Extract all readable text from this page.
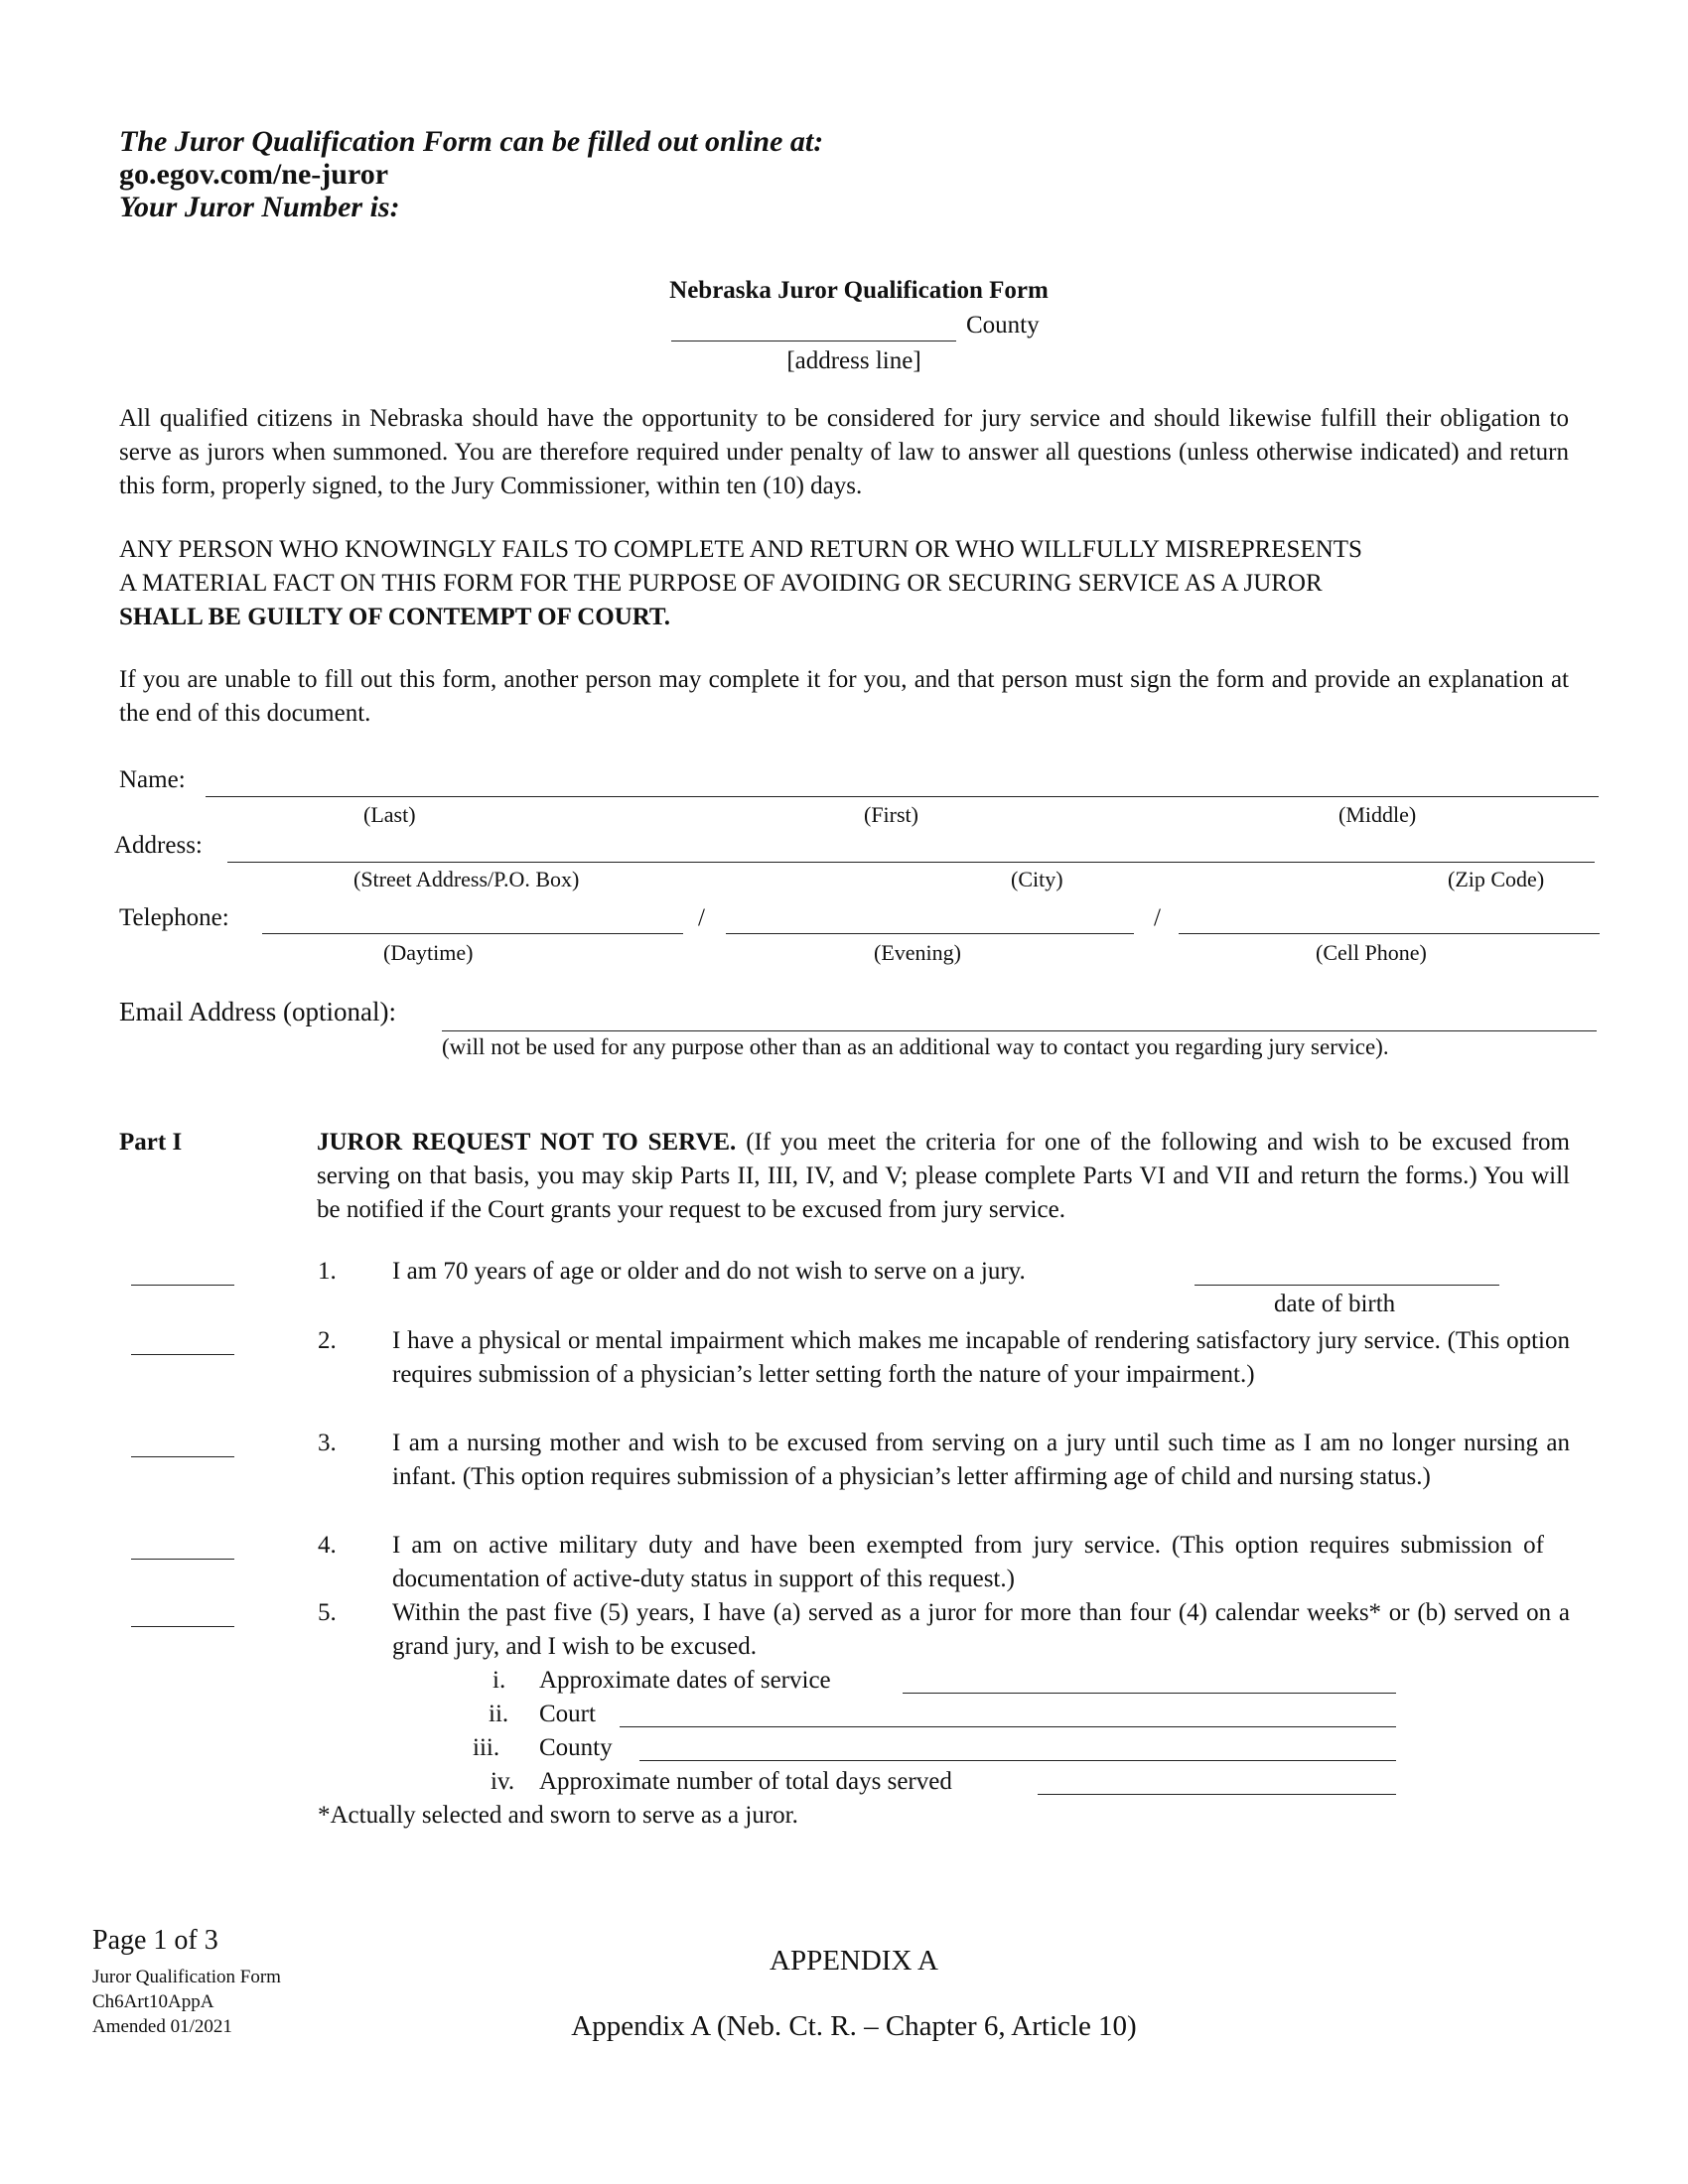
The Juror Qualification Form can be filled out online at:
go.egov.com/ne-juror
Your Juror Number is:
Nebraska Juror Qualification Form
County
[address line]
All qualified citizens in Nebraska should have the opportunity to be considered for jury service and should likewise fulfill their obligation to serve as jurors when summoned. You are therefore required under penalty of law to answer all questions (unless otherwise indicated) and return this form, properly signed, to the Jury Commissioner, within ten (10) days.
ANY PERSON WHO KNOWINGLY FAILS TO COMPLETE AND RETURN OR WHO WILLFULLY MISREPRESENTS
A MATERIAL FACT ON THIS FORM FOR THE PURPOSE OF AVOIDING OR SECURING SERVICE AS A JUROR
SHALL BE GUILTY OF CONTEMPT OF COURT.
If you are unable to fill out this form, another person may complete it for you, and that person must sign the form and provide an explanation at the end of this document.
Name:
(Last)	(First)	(Middle)
Address:
(Street Address/P.O. Box)	(City)	(Zip Code)
Telephone:	/	/
(Daytime)	(Evening)	(Cell Phone)
Email Address (optional):
(will not be used for any purpose other than as an additional way to contact you regarding jury service).
Part I	JUROR REQUEST NOT TO SERVE. (If you meet the criteria for one of the following and wish to be excused from serving on that basis, you may skip Parts II, III, IV, and V; please complete Parts VI and VII and return the forms.) You will be notified if the Court grants your request to be excused from jury service.
1. I am 70 years of age or older and do not wish to serve on a jury.
date of birth
2. I have a physical or mental impairment which makes me incapable of rendering satisfactory jury service. (This option requires submission of a physician’s letter setting forth the nature of your impairment.)
3. I am a nursing mother and wish to be excused from serving on a jury until such time as I am no longer nursing an infant. (This option requires submission of a physician’s letter affirming age of child and nursing status.)
4. I am on active military duty and have been exempted from jury service. (This option requires submission of documentation of active-duty status in support of this request.)
5. Within the past five (5) years, I have (a) served as a juror for more than four (4) calendar weeks* or (b) served on a grand jury, and I wish to be excused.
i. Approximate dates of service
ii. Court
iii. County
iv. Approximate number of total days served
*Actually selected and sworn to serve as a juror.
Page 1 of 3
Juror Qualification Form
Ch6Art10AppA
Amended 01/2021
APPENDIX A
Appendix A (Neb. Ct. R. – Chapter 6, Article 10)
